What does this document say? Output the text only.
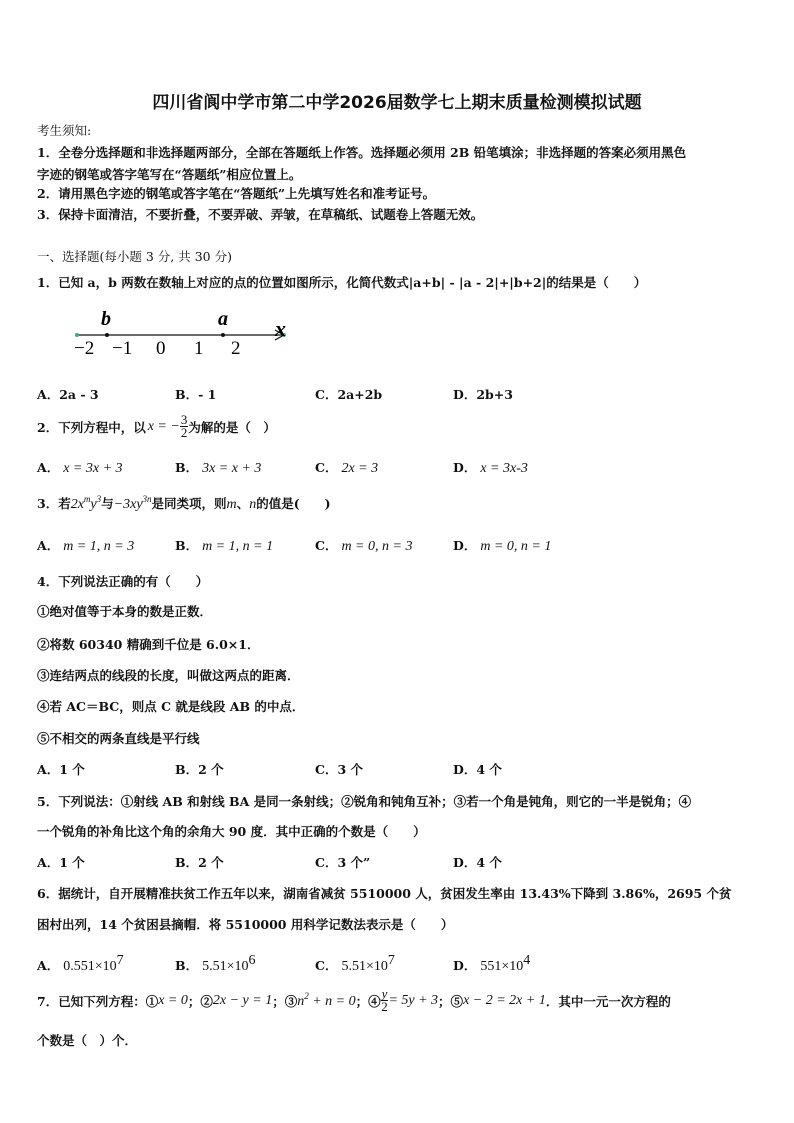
四川省阆中学市第二中学2026届数学七上期末质量检测模拟试题
考生须知:
1．全卷分选择题和非选择题两部分，全部在答题纸上作答。选择题必须用 2B 铅笔填涂；非选择题的答案必须用黑色
字迹的钢笔或答字笔写在“答题纸”相应位置上。
2．请用黑色字迹的钢笔或答字笔在“答题纸”上先填写姓名和准考证号。
3．保持卡面清洁，不要折叠，不要弄破、弄皱，在草稿纸、试题卷上答题无效。
一、选择题(每小题 3 分, 共 30 分)
1．已知 a，b 两数在数轴上对应的点的位置如图所示，化简代数式|a+b| - |a - 2|+|b+2|的结果是（　　）
b	a x
−2 −1 0 1 2
A．2a - 3	B．- 1	C．2a+2b	D．2b+3
2．下列方程中，以 x = − $\frac{3}{2}$ 为解的是（　）
A． x = 3x + 3	B． 3x = x + 3	C． 2x = 3	D． x = 3x-3
3．若$2x^my^3$与$-3xy^{3n}$是同类项，则m、n的值是(　　)
A． m = 1, n = 3	B． m = 1, n = 1	C． m = 0, n = 3	D． m = 0, n = 1
4．下列说法正确的有（　　）
①绝对值等于本身的数是正数．
②将数 60340 精确到千位是 6.0×1．
③连结两点的线段的长度，叫做这两点的距离．
④若 AC＝BC，则点 C 就是线段 AB 的中点．
⑤不相交的两条直线是平行线
A．1 个	B．2 个	C．3 个	D．4 个
5．下列说法：①射线 AB 和射线 BA 是同一条射线；②锐角和钝角互补；③若一个角是钝角，则它的一半是锐角；④
一个锐角的补角比这个角的余角大 90 度．其中正确的个数是（　　）
A．1 个	B．2 个	C．3 个”	D．4 个
6．据统计，自开展精准扶贫工作五年以来，湖南省减贫 5510000 人，贫困发生率由 13.43%下降到 3.86%，2695 个贫
困村出列，14 个贫困县摘帽．将 5510000 用科学记数法表示是（　　）
A． $0.551\times 10^7$	B． $5.51\times 10^6$	C． $5.51\times 10^7$	D． $551\times 10^4$
7．已知下列方程：① x = 0 ；② 2x − y = 1 ；③ $n^2 + n = 0$ ；④ $\frac{y}{2} = 5y + 3$ ；⑤ x − 2 = 2x + 1 ．其中一元一次方程的
个数是（　）个．
